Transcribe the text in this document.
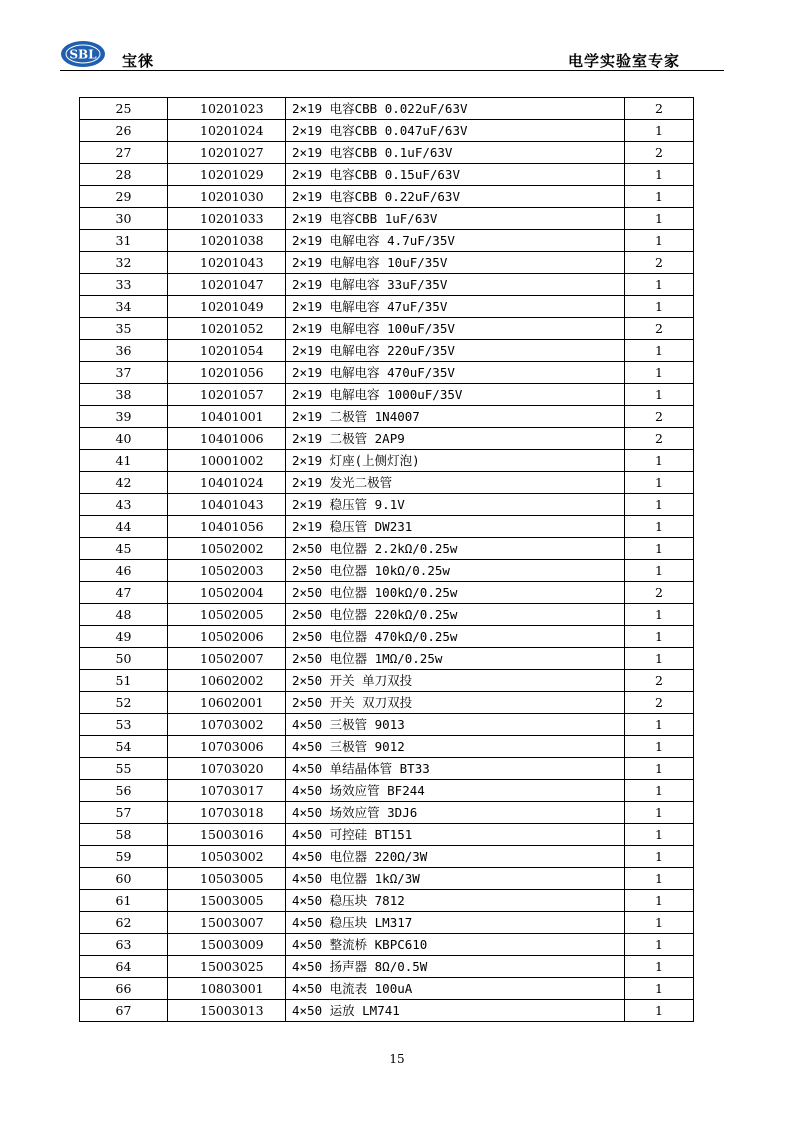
SBL 宝徕	电学实验室专家
25	10201023	2×19 电容CBB 0.022uF/63V	2
26	10201024	2×19 电容CBB 0.047uF/63V	1
27	10201027	2×19 电容CBB 0.1uF/63V	2
28	10201029	2×19 电容CBB 0.15uF/63V	1
29	10201030	2×19 电容CBB 0.22uF/63V	1
30	10201033	2×19 电容CBB 1uF/63V	1
31	10201038	2×19 电解电容 4.7uF/35V	1
32	10201043	2×19 电解电容 10uF/35V	2
33	10201047	2×19 电解电容 33uF/35V	1
34	10201049	2×19 电解电容 47uF/35V	1
35	10201052	2×19 电解电容 100uF/35V	2
36	10201054	2×19 电解电容 220uF/35V	1
37	10201056	2×19 电解电容 470uF/35V	1
38	10201057	2×19 电解电容 1000uF/35V	1
39	10401001	2×19 二极管 1N4007	2
40	10401006	2×19 二极管 2AP9	2
41	10001002	2×19 灯座(上侧灯泡)	1
42	10401024	2×19 发光二极管	1
43	10401043	2×19 稳压管 9.1V	1
44	10401056	2×19 稳压管 DW231	1
45	10502002	2×50 电位器 2.2kΩ/0.25w	1
46	10502003	2×50 电位器 10kΩ/0.25w	1
47	10502004	2×50 电位器 100kΩ/0.25w	2
48	10502005	2×50 电位器 220kΩ/0.25w	1
49	10502006	2×50 电位器 470kΩ/0.25w	1
50	10502007	2×50 电位器 1MΩ/0.25w	1
51	10602002	2×50 开关 单刀双投	2
52	10602001	2×50 开关 双刀双投	2
53	10703002	4×50 三极管 9013	1
54	10703006	4×50 三极管 9012	1
55	10703020	4×50 单结晶体管 BT33	1
56	10703017	4×50 场效应管 BF244	1
57	10703018	4×50 场效应管 3DJ6	1
58	15003016	4×50 可控硅 BT151	1
59	10503002	4×50 电位器 220Ω/3W	1
60	10503005	4×50 电位器 1kΩ/3W	1
61	15003005	4×50 稳压块 7812	1
62	15003007	4×50 稳压块 LM317	1
63	15003009	4×50 整流桥 KBPC610	1
64	15003025	4×50 扬声器 8Ω/0.5W	1
66	10803001	4×50 电流表 100uA	1
67	15003013	4×50 运放 LM741	1
15
